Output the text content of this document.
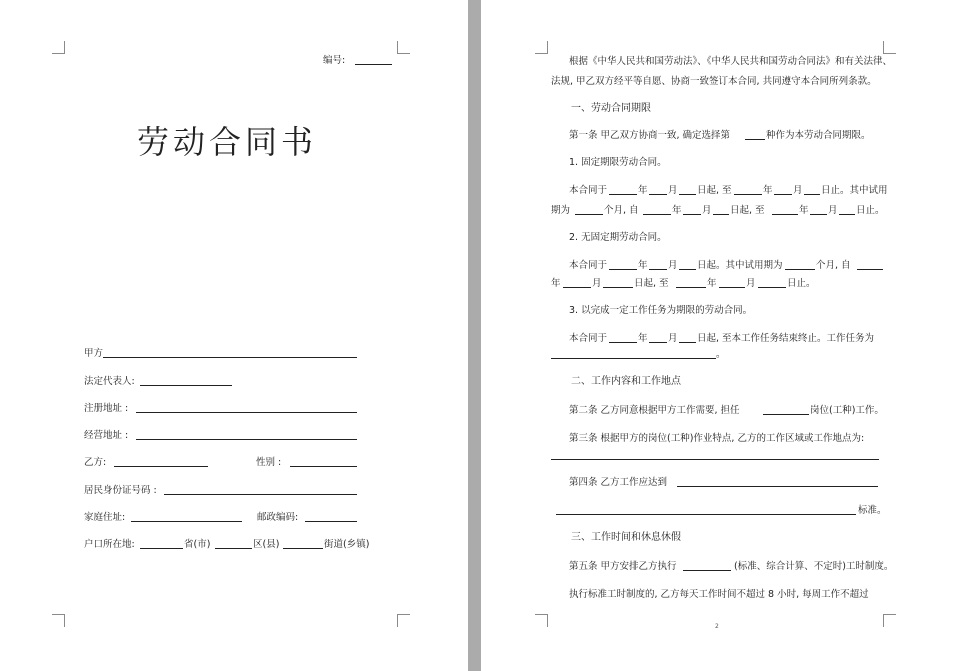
编号:
劳动合同书
甲方
法定代表人:
注册地址 :
经营地址 :
乙方:	性别 :
居民身份证号码 :
家庭住址:	邮政编码:
户口所在地:	省(市)	区(县)	街道(乡镇)
根据《中华人民共和国劳动法》、《中华人民共和国劳动合同法》和有关法律、
法规, 甲乙双方经平等自愿、协商一致签订本合同, 共同遵守本合同所列条款。
一、劳动合同期限
第一条 甲乙双方协商一致, 确定选择第	种作为本劳动合同期限。
1. 固定期限劳动合同。
本合同于	年 月 日起, 至	年 月 日止。其中试用
期为	个月, 自	年 月 日起, 至	年 月 日止。
2. 无固定期劳动合同。
本合同于	年 月 日起。其中试用期为	个月, 自
年	月	日起, 至	年	月	日止。
3. 以完成一定工作任务为期限的劳动合同。
本合同于	年 月 日起, 至本工作任务结束终止。工作任务为
。
二、工作内容和工作地点
第二条 乙方同意根据甲方工作需要, 担任	岗位(工种)工作。
第三条 根据甲方的岗位(工种)作业特点, 乙方的工作区域或工作地点为:
第四条 乙方工作应达到
标准。
三、工作时间和休息休假
第五条 甲方安排乙方执行	(标准、综合计算、不定时)工时制度。
执行标准工时制度的, 乙方每天工作时间不超过 8 小时, 每周工作不超过
2
